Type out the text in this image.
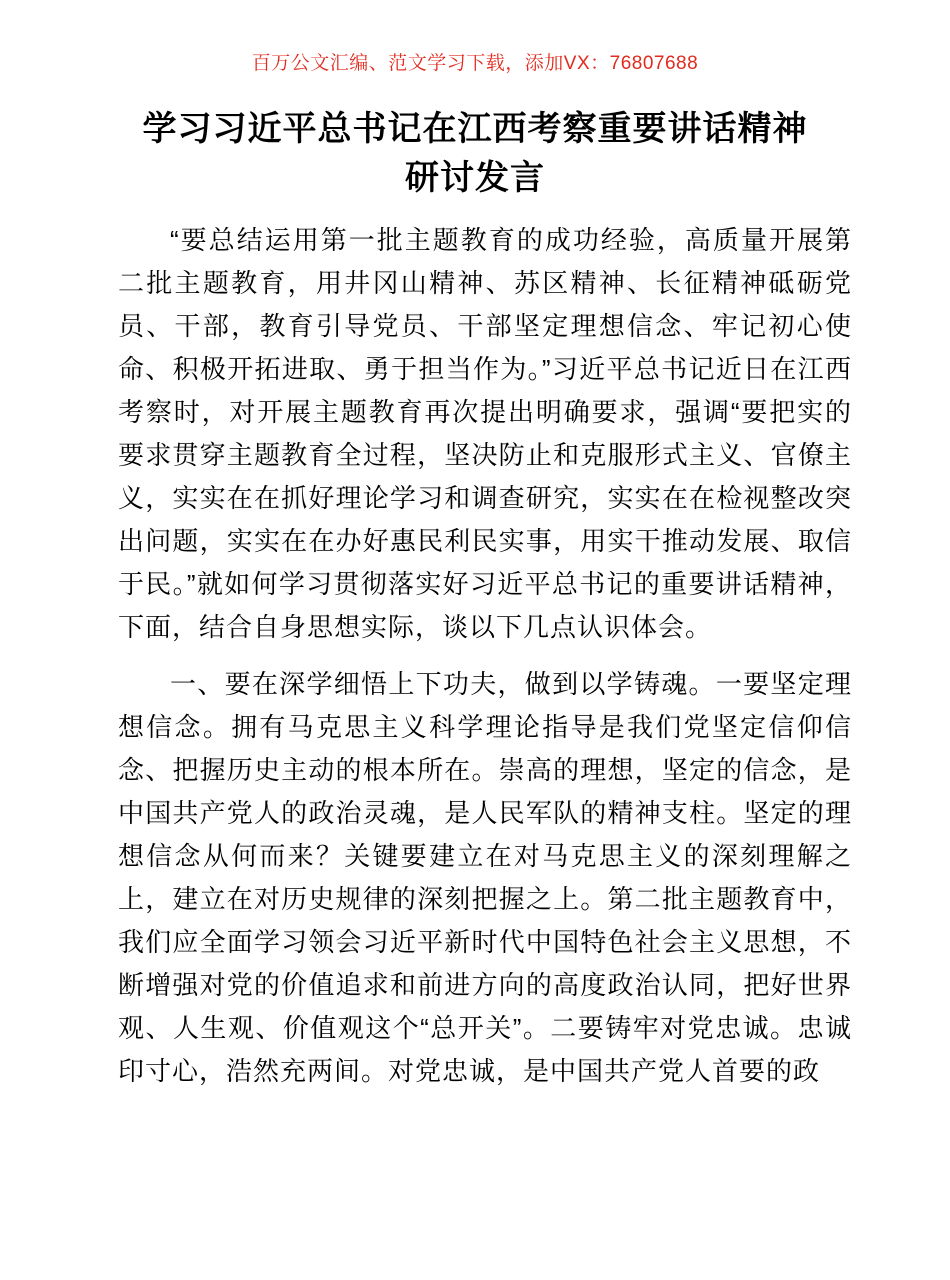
百万公文汇编、范文学习下载，添加VX：76807688
学习习近平总书记在江西考察重要讲话精神研讨发言

“要总结运用第一批主题教育的成功经验，高质量开展第二批主题教育，用井冈山精神、苏区精神、长征精神砥砺党员、干部，教育引导党员、干部坚定理想信念、牢记初心使命、积极开拓进取、勇于担当作为。”习近平总书记近日在江西考察时，对开展主题教育再次提出明确要求，强调“要把实的要求贯穿主题教育全过程，坚决防止和克服形式主义、官僚主义，实实在在抓好理论学习和调查研究，实实在在检视整改突出问题，实实在在办好惠民利民实事，用实干推动发展、取信于民。”就如何学习贯彻落实好习近平总书记的重要讲话精神，下面，结合自身思想实际，谈以下几点认识体会。

一、要在深学细悟上下功夫，做到以学铸魂。一要坚定理想信念。拥有马克思主义科学理论指导是我们党坚定信仰信念、把握历史主动的根本所在。崇高的理想，坚定的信念，是中国共产党人的政治灵魂，是人民军队的精神支柱。坚定的理想信念从何而来？关键要建立在对马克思主义的深刻理解之上，建立在对历史规律的深刻把握之上。第二批主题教育中，我们应全面学习领会习近平新时代中国特色社会主义思想，不断增强对党的价值追求和前进方向的高度政治认同，把好世界观、人生观、价值观这个“总开关”。二要铸牢对党忠诚。忠诚印寸心，浩然充两间。对党忠诚，是中国共产党人首要的政
